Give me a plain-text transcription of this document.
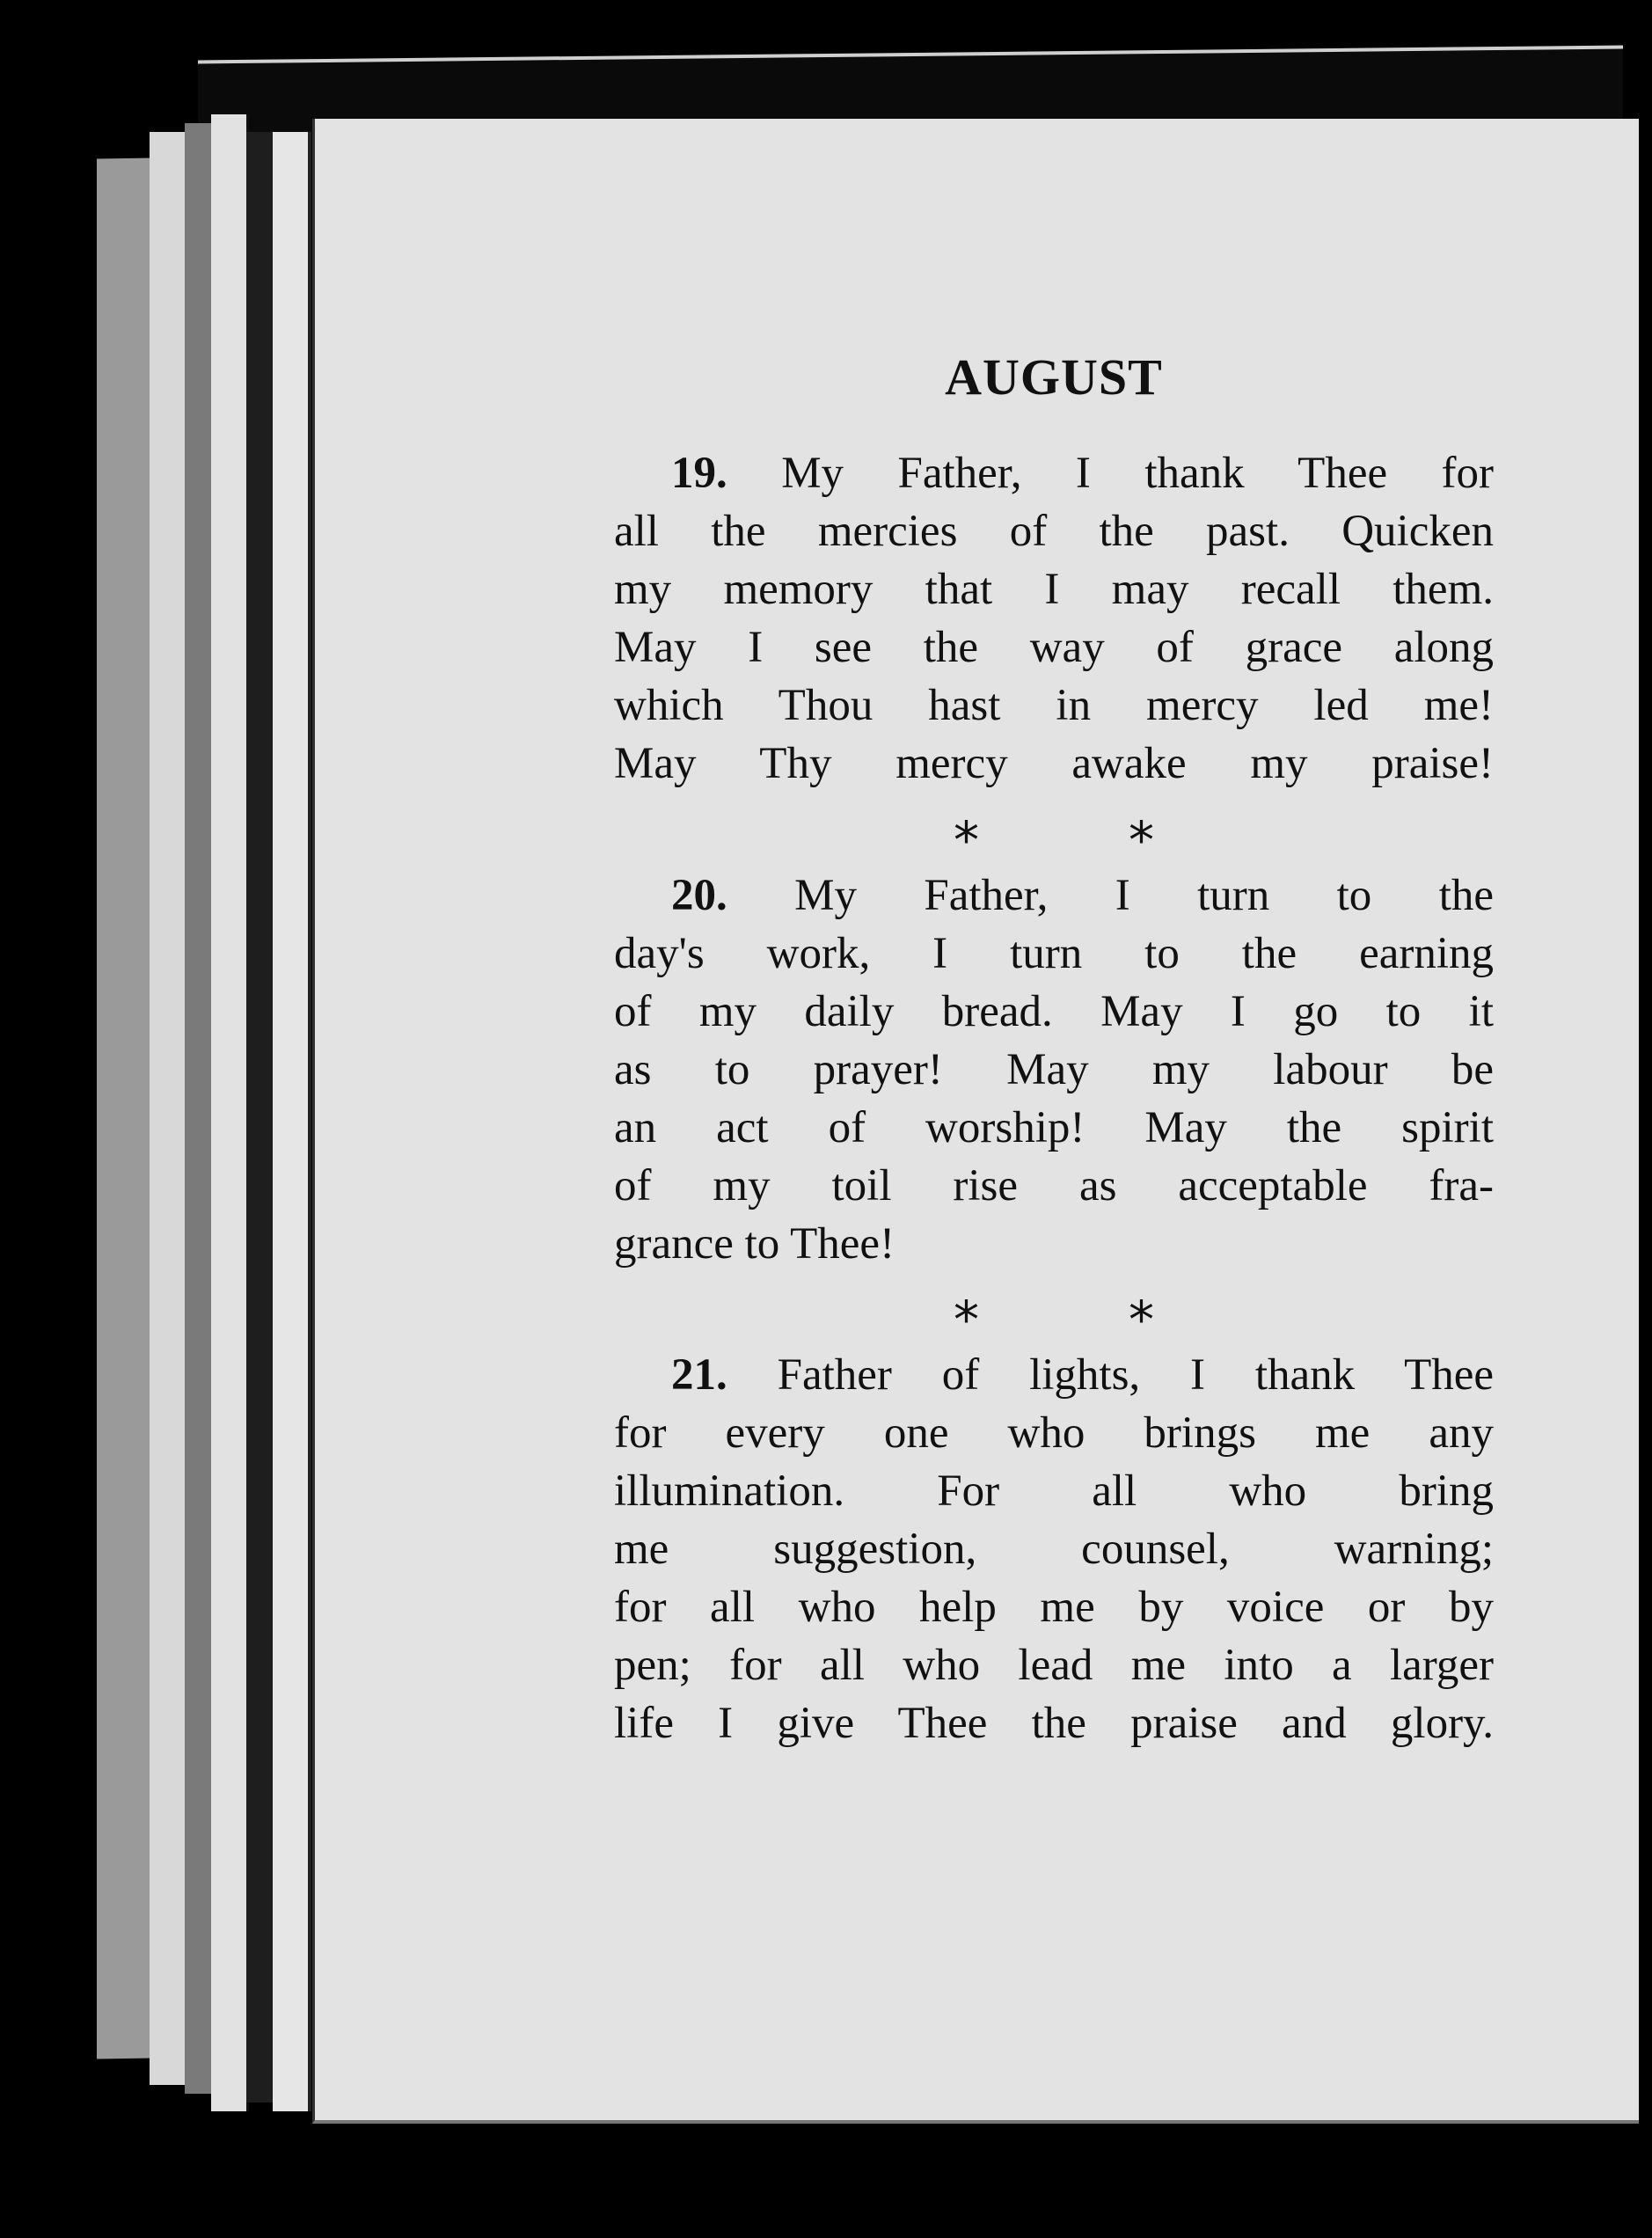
AUGUST
19. My Father, I thank Thee for
all the mercies of the past. Quicken
my memory that I may recall them.
May I see the way of grace along
which Thou hast in mercy led me!
May Thy mercy awake my praise!
*	*
20. My Father, I turn to the
day's work, I turn to the earning
of my daily bread. May I go to it
as to prayer! May my labour be
an act of worship! May the spirit
of my toil rise as acceptable fra-
grance to Thee!
*	*
21. Father of lights, I thank Thee
for every one who brings me any
illumination. For all who bring
me suggestion, counsel, warning;
for all who help me by voice or by
pen; for all who lead me into a larger
life I give Thee the praise and glory.
